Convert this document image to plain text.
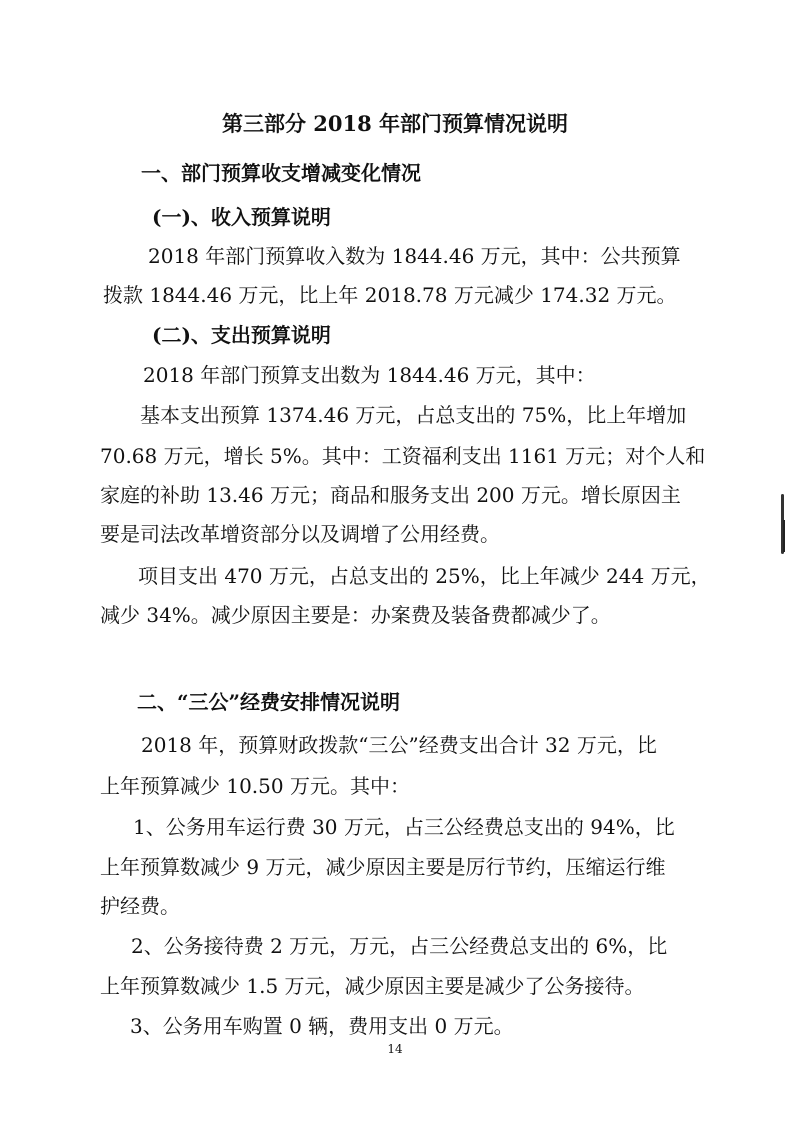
第三部分 2018 年部门预算情况说明
一、部门预算收支增减变化情况
(一)、收入预算说明
2018 年部门预算收入数为 1844.46 万元，其中：公共预算
拨款 1844.46 万元，比上年 2018.78 万元减少 174.32 万元。
(二)、支出预算说明
2018 年部门预算支出数为 1844.46 万元，其中：
基本支出预算 1374.46 万元，占总支出的 75%，比上年增加
70.68 万元，增长 5%。其中：工资福利支出 1161 万元；对个人和
家庭的补助 13.46 万元；商品和服务支出 200 万元。增长原因主
要是司法改革增资部分以及调增了公用经费。
项目支出 470 万元，占总支出的 25%，比上年减少 244 万元，
减少 34%。减少原因主要是：办案费及装备费都减少了。
二、“三公”经费安排情况说明
2018 年，预算财政拨款“三公”经费支出合计 32 万元，比
上年预算减少 10.50 万元。其中：
1、公务用车运行费 30 万元，占三公经费总支出的 94%，比
上年预算数减少 9 万元，减少原因主要是厉行节约，压缩运行维
护经费。
2、公务接待费 2 万元，万元，占三公经费总支出的 6%，比
上年预算数减少 1.5 万元，减少原因主要是减少了公务接待。
3、公务用车购置 0 辆，费用支出 0 万元。
14
